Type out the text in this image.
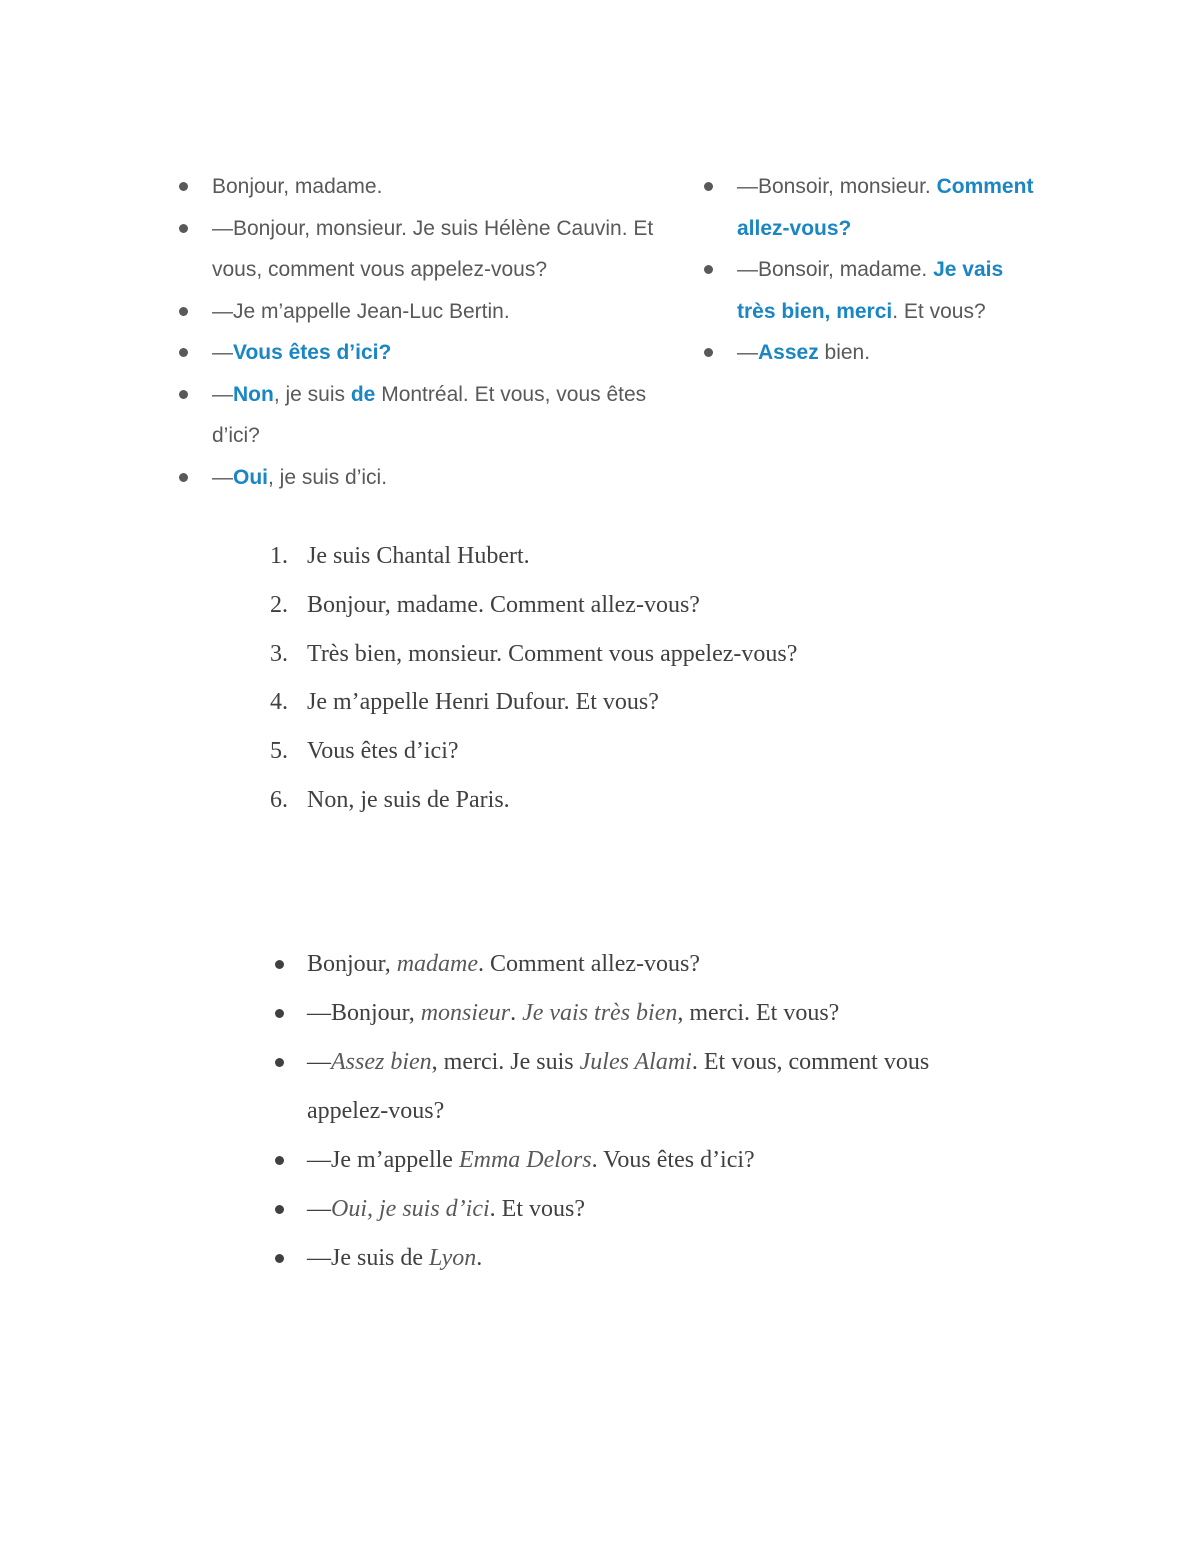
Bonjour, madame.
—Bonjour, monsieur. Je suis Hélène Cauvin. Et vous, comment vous appelez-vous?
—Je m’appelle Jean-Luc Bertin.
—Vous êtes d’ici?
—Non, je suis de Montréal. Et vous, vous êtes d’ici?
—Oui, je suis d’ici.
—Bonsoir, monsieur. Comment allez-vous?
—Bonsoir, madame. Je vais très bien, merci. Et vous?
—Assez bien.
1. Je suis Chantal Hubert.
2. Bonjour, madame. Comment allez-vous?
3. Très bien, monsieur. Comment vous appelez-vous?
4. Je m’appelle Henri Dufour. Et vous?
5. Vous êtes d’ici?
6. Non, je suis de Paris.
Bonjour, madame. Comment allez-vous?
—Bonjour, monsieur. Je vais très bien, merci. Et vous?
—Assez bien, merci. Je suis Jules Alami. Et vous, comment vous appelez-vous?
—Je m’appelle Emma Delors. Vous êtes d’ici?
—Oui, je suis d’ici. Et vous?
—Je suis de Lyon.
